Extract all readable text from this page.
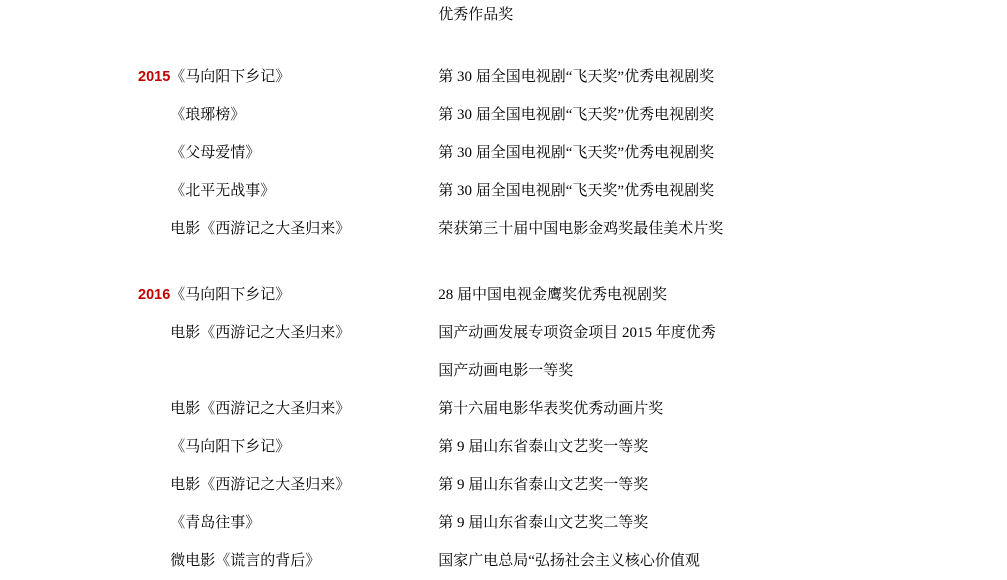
		优秀作品奖

2015	《马向阳下乡记》	第 30 届全国电视剧“飞天奖”优秀电视剧奖

	《琅琊榜》	第 30 届全国电视剧“飞天奖”优秀电视剧奖

	《父母爱情》	第 30 届全国电视剧“飞天奖”优秀电视剧奖

	《北平无战事》	第 30 届全国电视剧“飞天奖”优秀电视剧奖

	电影《西游记之大圣归来》	荣获第三十届中国电影金鸡奖最佳美术片奖

2016	《马向阳下乡记》	28 届中国电视金鹰奖优秀电视剧奖

	电影《西游记之大圣归来》	国产动画发展专项资金项目 2015 年度优秀
国产动画电影一等奖

	电影《西游记之大圣归来》	第十六届电影华表奖优秀动画片奖

	《马向阳下乡记》	第 9 届山东省泰山文艺奖一等奖

	电影《西游记之大圣归来》	第 9 届山东省泰山文艺奖一等奖

	《青岛往事》	第 9 届山东省泰山文艺奖二等奖

	微电影《谎言的背后》	国家广电总局“弘扬社会主义核心价值观
